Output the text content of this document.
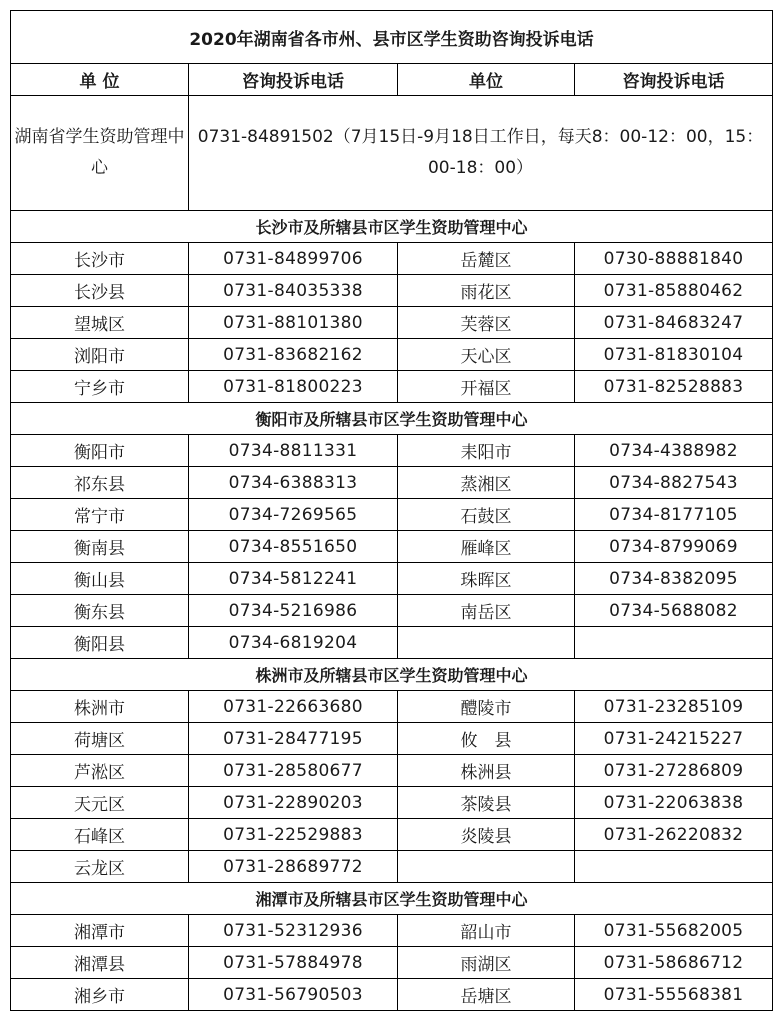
2020年湖南省各市州、县市区学生资助咨询投诉电话			
单 位	咨询投诉电话	单位	咨询投诉电话
湖南省学生资助管理中心	0731-84891502（7月15日-9月18日工作日，每天8：00-12：00，15：00-18：00）		
长沙市及所辖县市区学生资助管理中心			
长沙市	0731-84899706	岳麓区	0730-88881840
长沙县	0731-84035338	雨花区	0731-85880462
望城区	0731-88101380	芙蓉区	0731-84683247
浏阳市	0731-83682162	天心区	0731-81830104
宁乡市	0731-81800223	开福区	0731-82528883
衡阳市及所辖县市区学生资助管理中心			
衡阳市	0734-8811331	耒阳市	0734-4388982
祁东县	0734-6388313	蒸湘区	0734-8827543
常宁市	0734-7269565	石鼓区	0734-8177105
衡南县	0734-8551650	雁峰区	0734-8799069
衡山县	0734-5812241	珠晖区	0734-8382095
衡东县	0734-5216986	南岳区	0734-5688082
衡阳县	0734-6819204		
株洲市及所辖县市区学生资助管理中心			
株洲市	0731-22663680	醴陵市	0731-23285109
荷塘区	0731-28477195	攸　县	0731-24215227
芦淞区	0731-28580677	株洲县	0731-27286809
天元区	0731-22890203	茶陵县	0731-22063838
石峰区	0731-22529883	炎陵县	0731-26220832
云龙区	0731-28689772		
湘潭市及所辖县市区学生资助管理中心			
湘潭市	0731-52312936	韶山市	0731-55682005
湘潭县	0731-57884978	雨湖区	0731-58686712
湘乡市	0731-56790503	岳塘区	0731-55568381
